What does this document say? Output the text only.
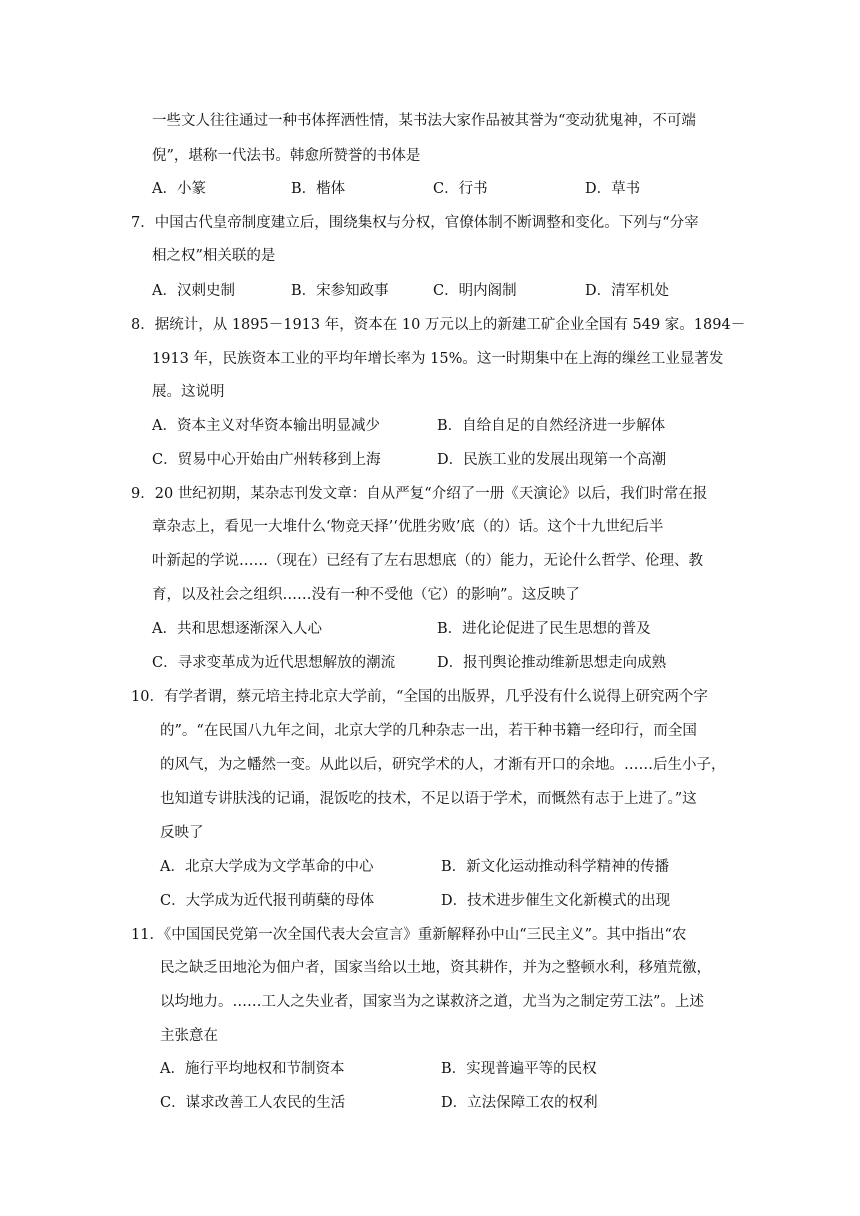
一些文人往往通过一种书体挥洒性情，某书法大家作品被其誉为“变动犹鬼神，不可端
倪”，堪称一代法书。韩愈所赞誉的书体是
A．小篆	B．楷体	C．行书	D．草书
7．中国古代皇帝制度建立后，围绕集权与分权，官僚体制不断调整和变化。下列与“分宰
相之权”相关联的是
A．汉刺史制	B．宋参知政事	C．明内阁制	D．清军机处
8．据统计，从 1895－1913 年，资本在 10 万元以上的新建工矿企业全国有 549 家。1894－
1913 年，民族资本工业的平均年增长率为 15%。这一时期集中在上海的缫丝工业显著发
展。这说明
A．资本主义对华资本输出明显减少	B．自给自足的自然经济进一步解体
C．贸易中心开始由广州转移到上海	D．民族工业的发展出现第一个高潮
9．20 世纪初期，某杂志刊发文章：自从严复“介绍了一册《天演论》以后，我们时常在报
章杂志上，看见一大堆什么‘物竞天择’‘优胜劣败’底（的）话。这个十九世纪后半
叶新起的学说……（现在）已经有了左右思想底（的）能力，无论什么哲学、伦理、教
育，以及社会之组织……没有一种不受他（它）的影响”。这反映了
A．共和思想逐渐深入人心	B．进化论促进了民生思想的普及
C．寻求变革成为近代思想解放的潮流	D．报刊舆论推动维新思想走向成熟
10．有学者谓，蔡元培主持北京大学前，“全国的出版界，几乎没有什么说得上研究两个字
的”。“在民国八九年之间，北京大学的几种杂志一出，若干种书籍一经印行，而全国
的风气，为之幡然一变。从此以后，研究学术的人，才渐有开口的余地。……后生小子，
也知道专讲肤浅的记诵，混饭吃的技术，不足以语于学术，而慨然有志于上进了。”这
反映了
A．北京大学成为文学革命的中心	B．新文化运动推动科学精神的传播
C．大学成为近代报刊萌蘖的母体	D．技术进步催生文化新模式的出现
11．《中国国民党第一次全国代表大会宣言》重新解释孙中山“三民主义”。其中指出“农
民之缺乏田地沦为佃户者，国家当给以土地，资其耕作，并为之整顿水利，移殖荒徼，
以均地力。……工人之失业者，国家当为之谋救济之道，尤当为之制定劳工法”。上述
主张意在
A．施行平均地权和节制资本	B．实现普遍平等的民权
C．谋求改善工人农民的生活	D．立法保障工农的权利
